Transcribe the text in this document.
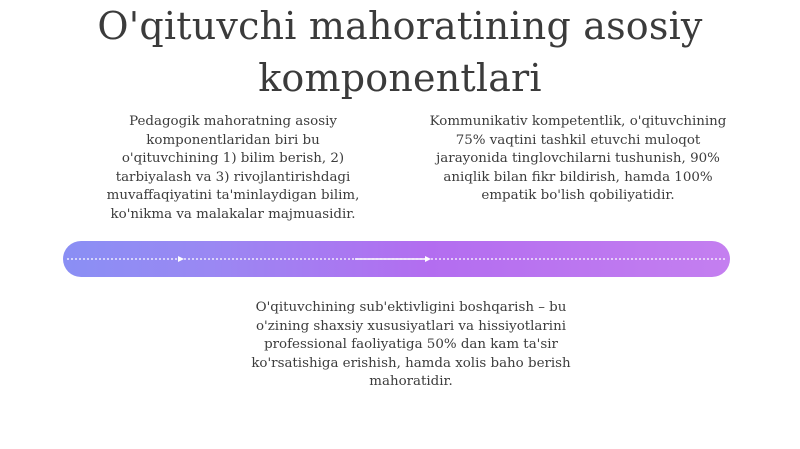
O'qituvchi mahoratining asosiy
komponentlari
Pedagogik mahoratning asosiy
komponentlaridan biri bu
o'qituvchining 1) bilim berish, 2)
tarbiyalash va 3) rivojlantirishdagi
muvaffaqiyatini ta'minlaydigan bilim,
ko'nikma va malakalar majmuasidir.
Kommunikativ kompetentlik, o'qituvchining
75% vaqtini tashkil etuvchi muloqot
jarayonida tinglovchilarni tushunish, 90%
aniqlik bilan fikr bildirish, hamda 100%
empatik bo'lish qobiliyatidir.
O'qituvchining sub'ektivligini boshqarish – bu
o'zining shaxsiy xususiyatlari va hissiyotlarini
professional faoliyatiga 50% dan kam ta'sir
ko'rsatishiga erishish, hamda xolis baho berish
mahoratidir.
